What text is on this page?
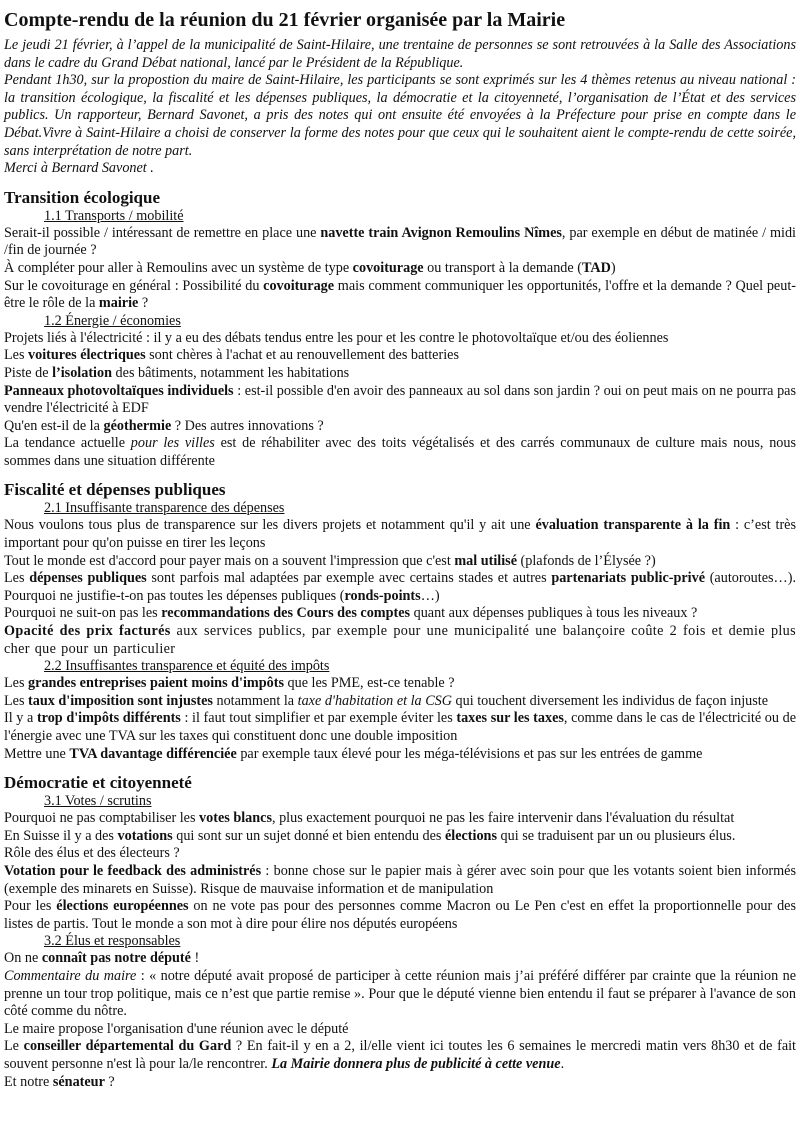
Compte-rendu de la réunion du 21 février organisée par la Mairie

Le jeudi 21 février, à l’appel de la municipalité de Saint-Hilaire, une trentaine de personnes se sont retrouvées à la Salle des Associations dans le cadre du Grand Débat national, lancé par le Président de la République.

Pendant 1h30, sur la propostion du maire de Saint-Hilaire, les participants se sont exprimés sur les 4 thèmes retenus au niveau national : la transition écologique, la fiscalité et les dépenses publiques, la démocratie et la citoyenneté, l’organisation de l’État et des services publics. Un rapporteur, Bernard Savonet, a pris des notes qui ont ensuite été envoyées à la Préfecture pour prise en compte dans le Débat.Vivre à Saint-Hilaire a choisi de conserver la forme des notes pour que ceux qui le souhaitent aient le compte-rendu de cette soirée, sans interprétation de notre part.

Merci à Bernard Savonet .

Transition écologique
1.1 Transports / mobilité

Serait-il possible / intéressant de remettre en place une navette train Avignon Remoulins Nîmes, par exemple en début de matinée / midi /fin de journée ?

À compléter pour aller à Remoulins avec un système de type covoiturage ou transport à la demande (TAD)

Sur le covoiturage en général : Possibilité du covoiturage mais comment communiquer les opportunités, l'offre et la demande ? Quel peut-être le rôle de la mairie ?

1.2 Énergie / économies

Projets liés à l'électricité : il y a eu des débats tendus entre les pour et les contre le photovoltaïque et/ou des éoliennes

Les voitures électriques sont chères à l'achat et au renouvellement des batteries

Piste de l’isolation des bâtiments, notamment les habitations

Panneaux photovoltaïques individuels : est-il possible d'en avoir des panneaux au sol dans son jardin ? oui on peut mais on ne pourra pas vendre l'électricité à EDF

Qu'en est-il de la géothermie ? Des autres innovations ?

La tendance actuelle pour les villes est de réhabiliter avec des toits végétalisés et des carrés communaux de culture mais nous, nous sommes dans une situation différente

Fiscalité et dépenses publiques
2.1 Insuffisante transparence des dépenses

Nous voulons tous plus de transparence sur les divers projets et notamment qu'il y ait une évaluation transparente à la fin : c’est très important pour qu'on puisse en tirer les leçons

Tout le monde est d'accord pour payer mais on a souvent l'impression que c'est mal utilisé (plafonds de l’Élysée ?)

Les dépenses publiques sont parfois mal adaptées par exemple avec certains stades et autres partenariats public-privé (autoroutes…). Pourquoi ne justifie-t-on pas toutes les dépenses publiques (ronds-points…)

Pourquoi ne suit-on pas les recommandations des Cours des comptes quant aux dépenses publiques à tous les niveaux ?

Opacité des prix facturés aux services publics, par exemple pour une municipalité une balançoire coûte 2 fois et demie plus cher que pour un particulier

2.2 Insuffisantes transparence et équité des impôts

Les grandes entreprises paient moins d'impôts que les PME, est-ce tenable ?

Les taux d'imposition sont injustes notamment la taxe d'habitation et la CSG qui touchent diversement les individus de façon injuste

Il y a trop d'impôts différents : il faut tout simplifier et par exemple éviter les taxes sur les taxes, comme dans le cas de l'électricité ou de l'énergie avec une TVA sur les taxes qui constituent donc une double imposition

Mettre une TVA davantage différenciée par exemple taux élevé pour les méga-télévisions et pas sur les entrées de gamme

Démocratie et citoyenneté
3.1 Votes / scrutins

Pourquoi ne pas comptabiliser les votes blancs, plus exactement pourquoi ne pas les faire intervenir dans l'évaluation du résultat

En Suisse il y a des votations qui sont sur un sujet donné et bien entendu des élections qui se traduisent par un ou plusieurs élus.

Rôle des élus et des électeurs ?

Votation pour le feedback des administrés : bonne chose sur le papier mais à gérer avec soin pour que les votants soient bien informés (exemple des minarets en Suisse). Risque de mauvaise information et de manipulation

Pour les élections européennes on ne vote pas pour des personnes comme Macron ou Le Pen c'est en effet la proportionnelle pour des listes de partis. Tout le monde a son mot à dire pour élire nos députés européens

3.2 Élus et responsables

On ne connaît pas notre député !

Commentaire du maire : « notre député avait proposé de participer à cette réunion mais j’ai préféré différer par crainte que la réunion ne prenne un tour trop politique, mais ce n’est que partie remise ». Pour que le député vienne bien entendu il faut se préparer à l'avance de son côté comme du nôtre.

Le maire propose l'organisation d'une réunion avec le député

Le conseiller départemental du Gard ? En fait-il y en a 2, il/elle vient ici toutes les 6 semaines le mercredi matin vers 8h30 et de fait souvent personne n'est là pour la/le rencontrer. La Mairie donnera plus de publicité à cette venue.

Et notre sénateur ?
